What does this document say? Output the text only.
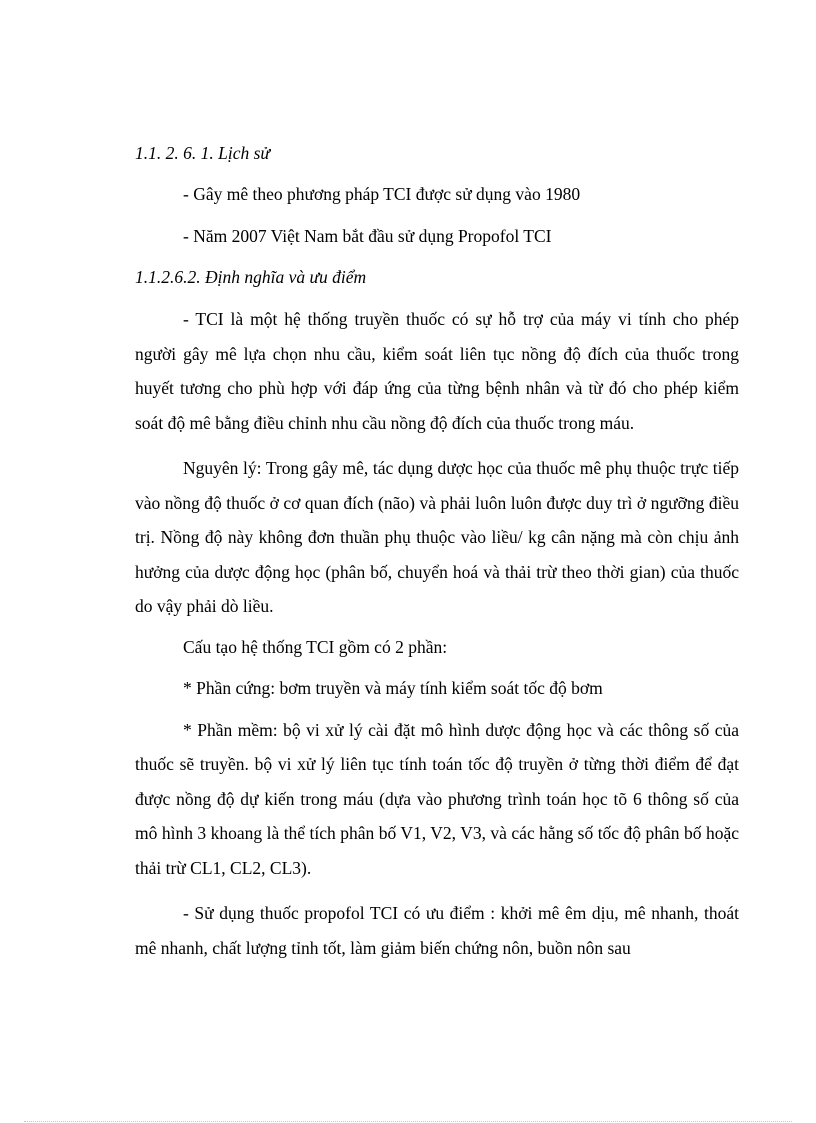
1.1. 2. 6. 1. Lịch sử

- Gây mê theo phương pháp TCI được sử dụng vào 1980

- Năm 2007 Việt Nam bắt đầu sử dụng Propofol TCI

1.1.2.6.2. Định nghĩa và ưu điểm

- TCI là một hệ thống truyền thuốc có sự hỗ trợ của máy vi tính cho phép người gây mê lựa chọn nhu cầu, kiểm soát liên tục nồng độ đích của thuốc trong huyết tương cho phù hợp với đáp ứng của từng bệnh nhân và từ đó cho phép kiểm soát độ mê bằng điều chỉnh nhu cầu nồng độ đích của thuốc trong máu.

Nguyên lý: Trong gây mê, tác dụng dược học của thuốc mê phụ thuộc trực tiếp vào nồng độ thuốc ở cơ quan đích (não) và phải luôn luôn được duy trì ở ngưỡng điều trị. Nồng độ này không đơn thuần phụ thuộc vào liều/ kg cân nặng mà còn chịu ảnh hưởng của dược động học (phân bố, chuyển hoá và thải trừ theo thời gian) của thuốc do vậy phải dò liều.

Cấu tạo hệ thống TCI gồm có 2 phần:

* Phần cứng: bơm truyền và máy tính kiểm soát tốc độ bơm

* Phần mềm: bộ vi xử lý cài đặt mô hình dược động học và các thông số của thuốc sẽ truyền. bộ vi xử lý liên tục tính toán tốc độ truyền ở từng thời điểm để đạt được nồng độ dự kiến trong máu (dựa vào phương trình toán học tõ 6 thông số của mô hình 3 khoang là thể tích phân bố V1, V2, V3, và các hằng số tốc độ phân bố hoặc thải trừ CL1, CL2, CL3).

- Sử dụng thuốc propofol TCI có ưu điểm : khởi mê êm dịu, mê nhanh, thoát mê nhanh, chất lượng tỉnh tốt, làm giảm biến chứng nôn, buồn nôn sau
